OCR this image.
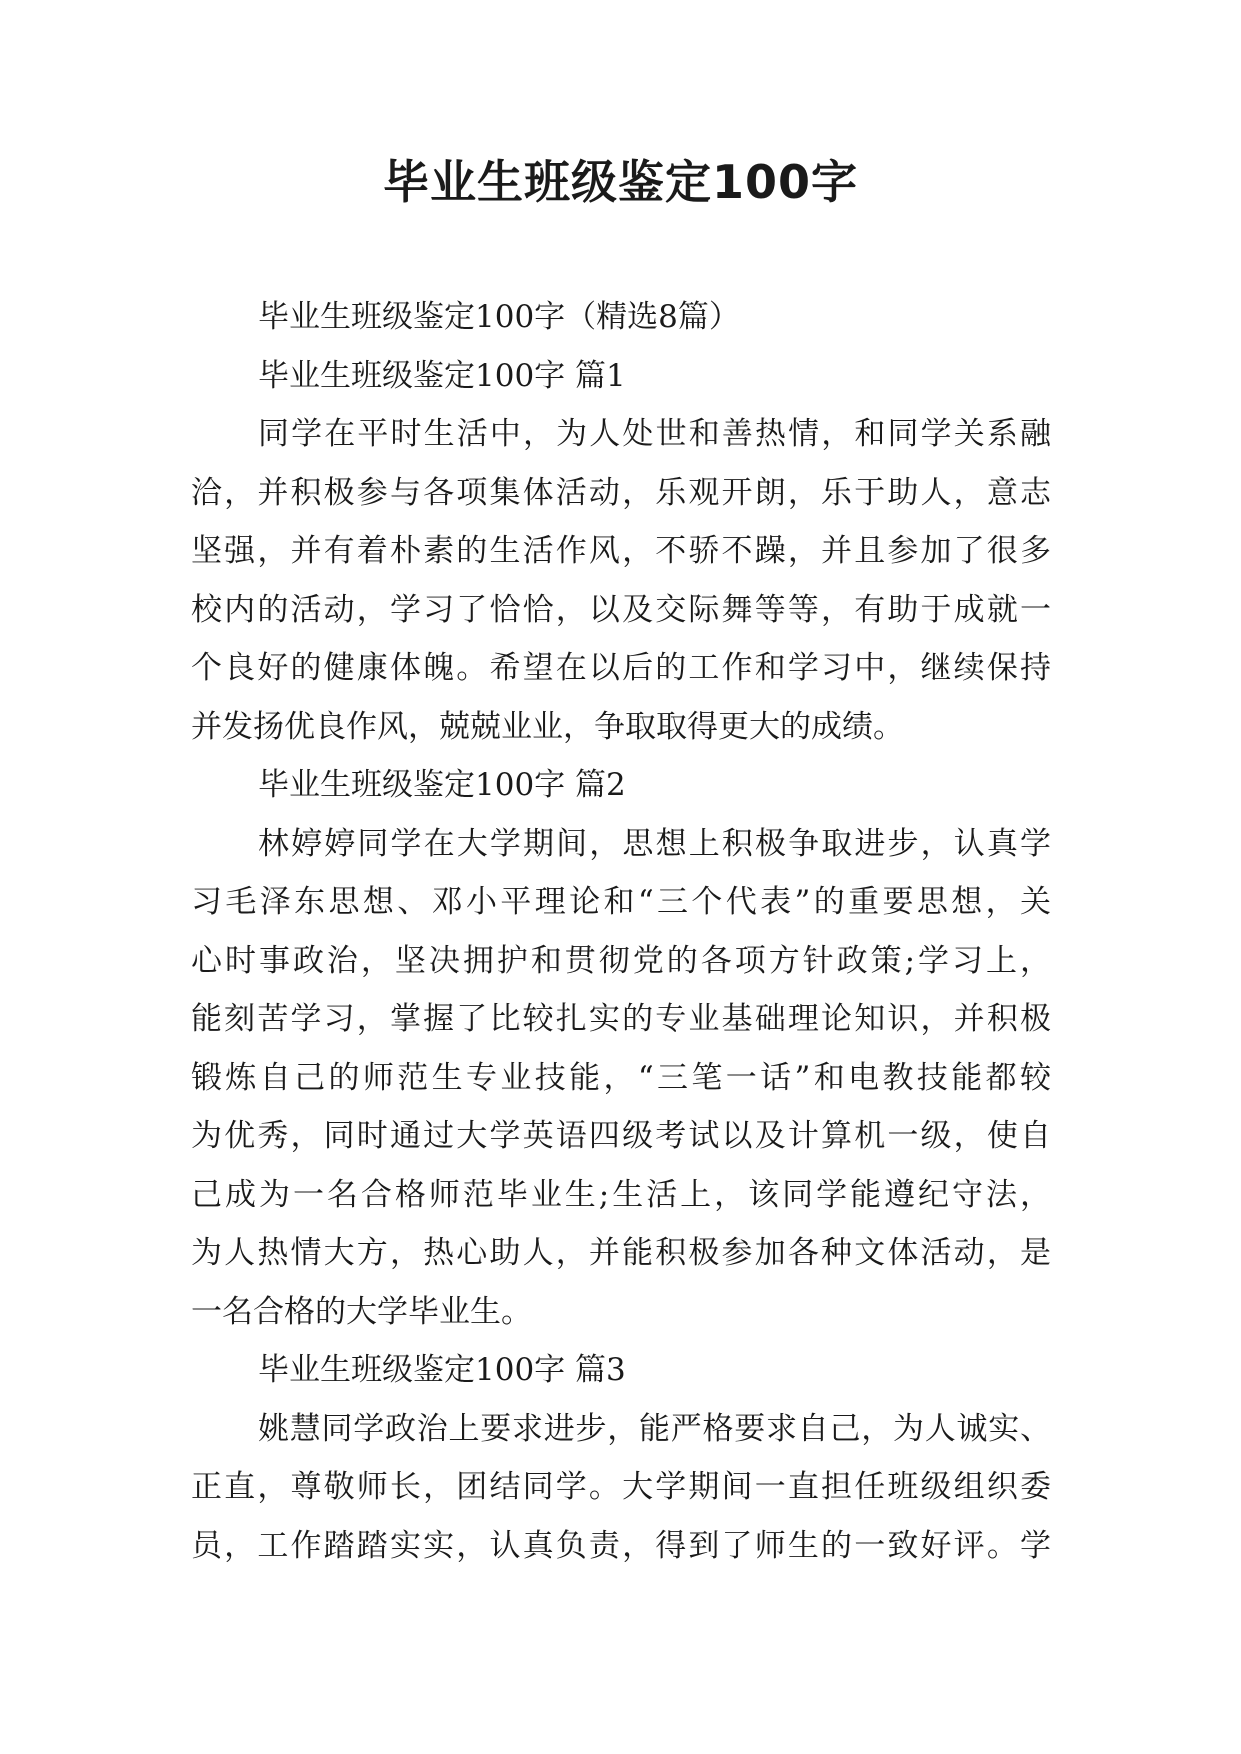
毕业生班级鉴定100字
毕业生班级鉴定100字（精选8篇）
毕业生班级鉴定100字 篇1
同学在平时生活中，为人处世和善热情，和同学关系融
洽，并积极参与各项集体活动，乐观开朗，乐于助人，意志
坚强，并有着朴素的生活作风，不骄不躁，并且参加了很多
校内的活动，学习了恰恰，以及交际舞等等，有助于成就一
个良好的健康体魄。希望在以后的工作和学习中，继续保持
并发扬优良作风，兢兢业业，争取取得更大的成绩。
毕业生班级鉴定100字 篇2
林婷婷同学在大学期间，思想上积极争取进步，认真学
习毛泽东思想、邓小平理论和“三个代表”的重要思想，关
心时事政治，坚决拥护和贯彻党的各项方针政策;学习上，
能刻苦学习，掌握了比较扎实的专业基础理论知识，并积极
锻炼自己的师范生专业技能，“三笔一话”和电教技能都较
为优秀，同时通过大学英语四级考试以及计算机一级，使自
己成为一名合格师范毕业生;生活上，该同学能遵纪守法，
为人热情大方，热心助人，并能积极参加各种文体活动，是
一名合格的大学毕业生。
毕业生班级鉴定100字 篇3
姚慧同学政治上要求进步，能严格要求自己，为人诚实、
正直，尊敬师长，团结同学。大学期间一直担任班级组织委
员，工作踏踏实实，认真负责，得到了师生的一致好评。学
